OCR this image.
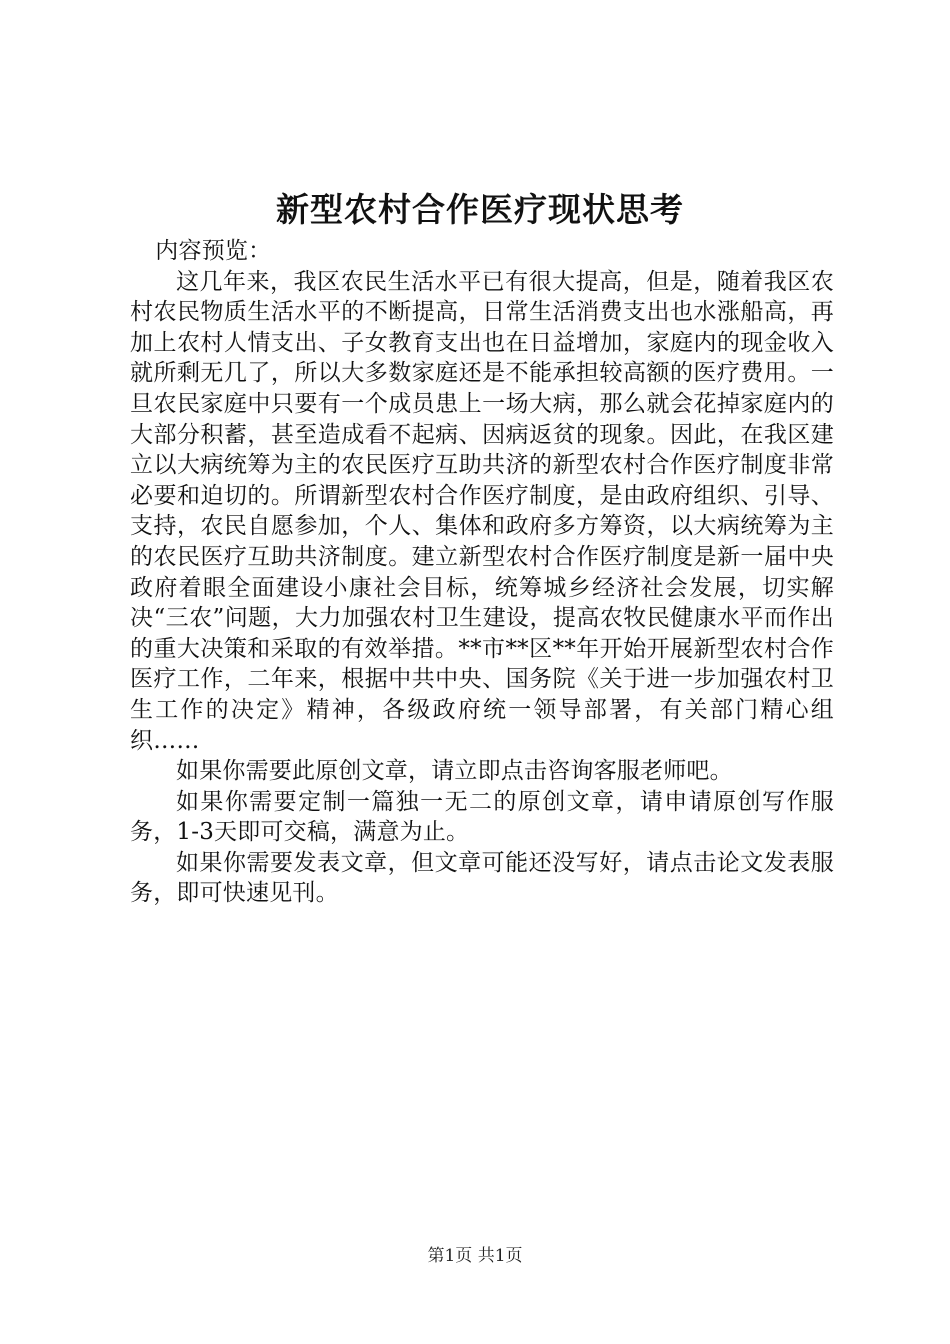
新型农村合作医疗现状思考

内容预览：

这几年来，我区农民生活水平已有很大提高，但是，随着我区农村农民物质生活水平的不断提高，日常生活消费支出也水涨船高，再加上农村人情支出、子女教育支出也在日益增加，家庭内的现金收入就所剩无几了，所以大多数家庭还是不能承担较高额的医疗费用。一旦农民家庭中只要有一个成员患上一场大病，那么就会花掉家庭内的大部分积蓄，甚至造成看不起病、因病返贫的现象。因此，在我区建立以大病统筹为主的农民医疗互助共济的新型农村合作医疗制度非常必要和迫切的。所谓新型农村合作医疗制度，是由政府组织、引导、支持，农民自愿参加，个人、集体和政府多方筹资，以大病统筹为主的农民医疗互助共济制度。建立新型农村合作医疗制度是新一届中央政府着眼全面建设小康社会目标，统筹城乡经济社会发展，切实解决“三农”问题，大力加强农村卫生建设，提高农牧民健康水平而作出的重大决策和采取的有效举措。**市**区**年开始开展新型农村合作医疗工作，二年来，根据中共中央、国务院《关于进一步加强农村卫生工作的决定》精神，各级政府统一领导部署，有关部门精心组织……

如果你需要此原创文章，请立即点击咨询客服老师吧。

如果你需要定制一篇独一无二的原创文章，请申请原创写作服务，1-3天即可交稿，满意为止。

如果你需要发表文章，但文章可能还没写好，请点击论文发表服务，即可快速见刊。

第1页 共1页
